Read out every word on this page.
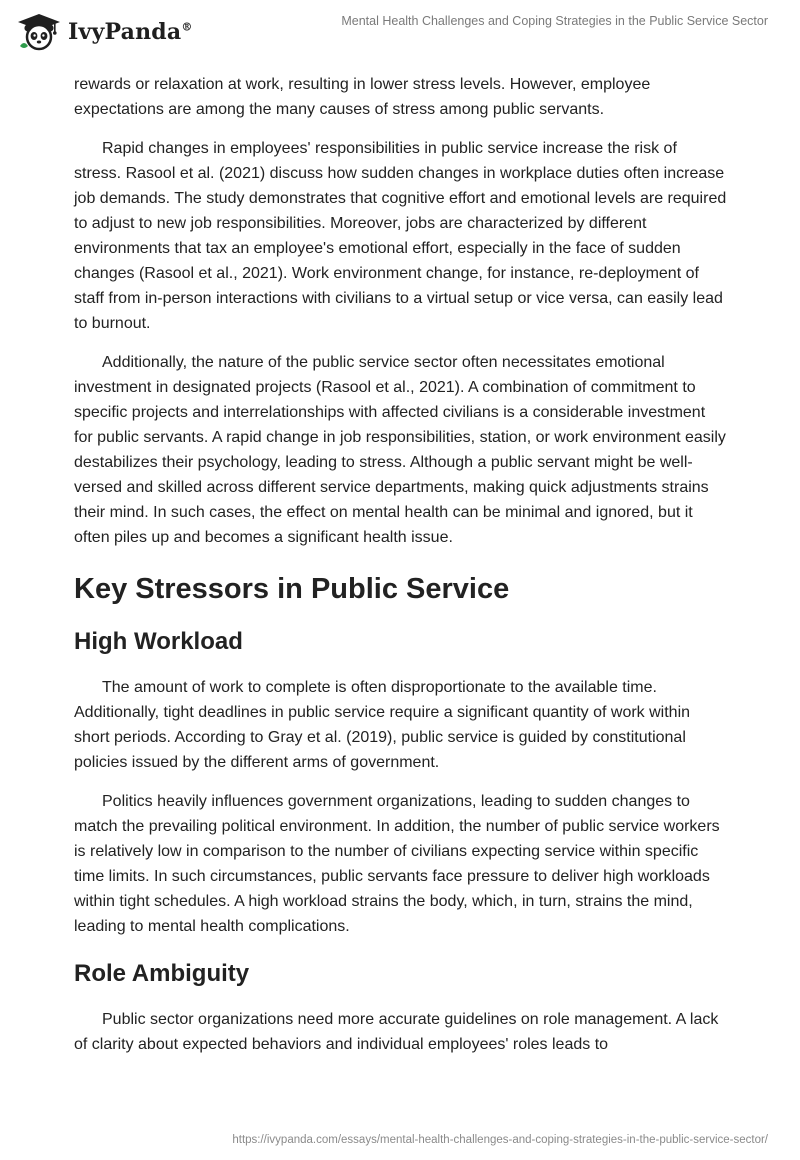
IvyPanda®	Mental Health Challenges and Coping Strategies in the Public Service Sector

rewards or relaxation at work, resulting in lower stress levels. However, employee expectations are among the many causes of stress among public servants.

Rapid changes in employees' responsibilities in public service increase the risk of stress. Rasool et al. (2021) discuss how sudden changes in workplace duties often increase job demands. The study demonstrates that cognitive effort and emotional levels are required to adjust to new job responsibilities. Moreover, jobs are characterized by different environments that tax an employee's emotional effort, especially in the face of sudden changes (Rasool et al., 2021). Work environment change, for instance, re-deployment of staff from in-person interactions with civilians to a virtual setup or vice versa, can easily lead to burnout.

Additionally, the nature of the public service sector often necessitates emotional investment in designated projects (Rasool et al., 2021). A combination of commitment to specific projects and interrelationships with affected civilians is a considerable investment for public servants. A rapid change in job responsibilities, station, or work environment easily destabilizes their psychology, leading to stress. Although a public servant might be well-versed and skilled across different service departments, making quick adjustments strains their mind. In such cases, the effect on mental health can be minimal and ignored, but it often piles up and becomes a significant health issue.

Key Stressors in Public Service
High Workload

The amount of work to complete is often disproportionate to the available time. Additionally, tight deadlines in public service require a significant quantity of work within short periods. According to Gray et al. (2019), public service is guided by constitutional policies issued by the different arms of government.

Politics heavily influences government organizations, leading to sudden changes to match the prevailing political environment. In addition, the number of public service workers is relatively low in comparison to the number of civilians expecting service within specific time limits. In such circumstances, public servants face pressure to deliver high workloads within tight schedules. A high workload strains the body, which, in turn, strains the mind, leading to mental health complications.

Role Ambiguity

Public sector organizations need more accurate guidelines on role management. A lack of clarity about expected behaviors and individual employees' roles leads to

https://ivypanda.com/essays/mental-health-challenges-and-coping-strategies-in-the-public-service-sector/
